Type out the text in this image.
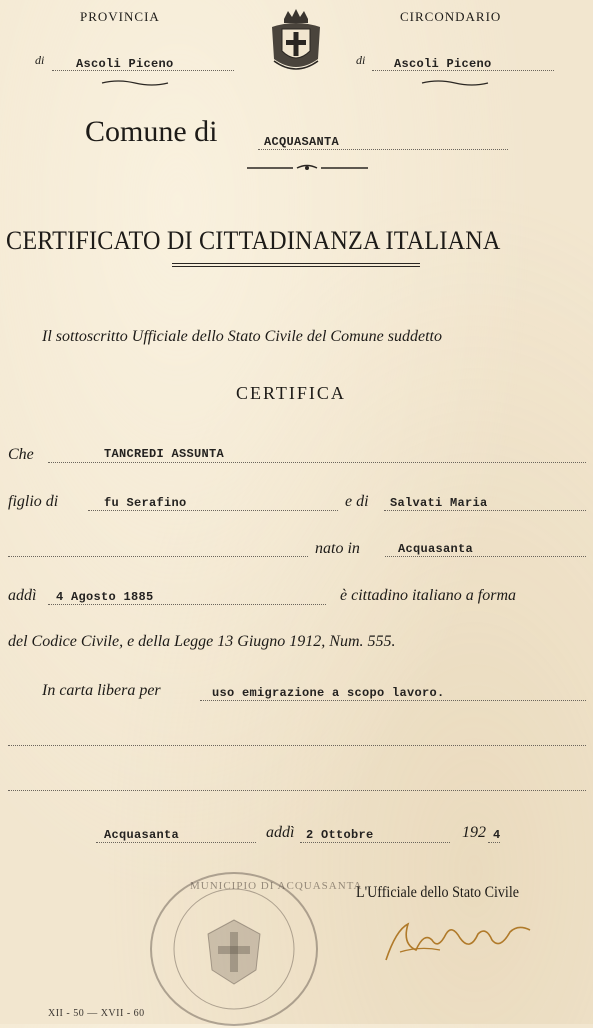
PROVINCIA	CIRCONDARIO
di	Ascoli Piceno	di Ascoli Piceno
Comune di	ACQUASANTA
CERTIFICATO DI CITTADINANZA ITALIANA
Il sottoscritto Ufficiale dello Stato Civile del Comune suddetto
CERTIFICA
Che	TANCREDI ASSUNTA
figlio di	fu Serafino	e di Salvati Maria
nato in	Acquasanta
addì 4 Agosto 1885	è cittadino italiano a forma
del Codice Civile, e della Legge 13 Giugno 1912, Num. 555.
In carta libera per	uso emigrazione a scopo lavoro.
Acquasanta	addì 2 Ottobre	192 4
L'Ufficiale dello Stato Civile
MUNICIPIO DI ACQUASANTA
XII - 50 — XVII - 60
